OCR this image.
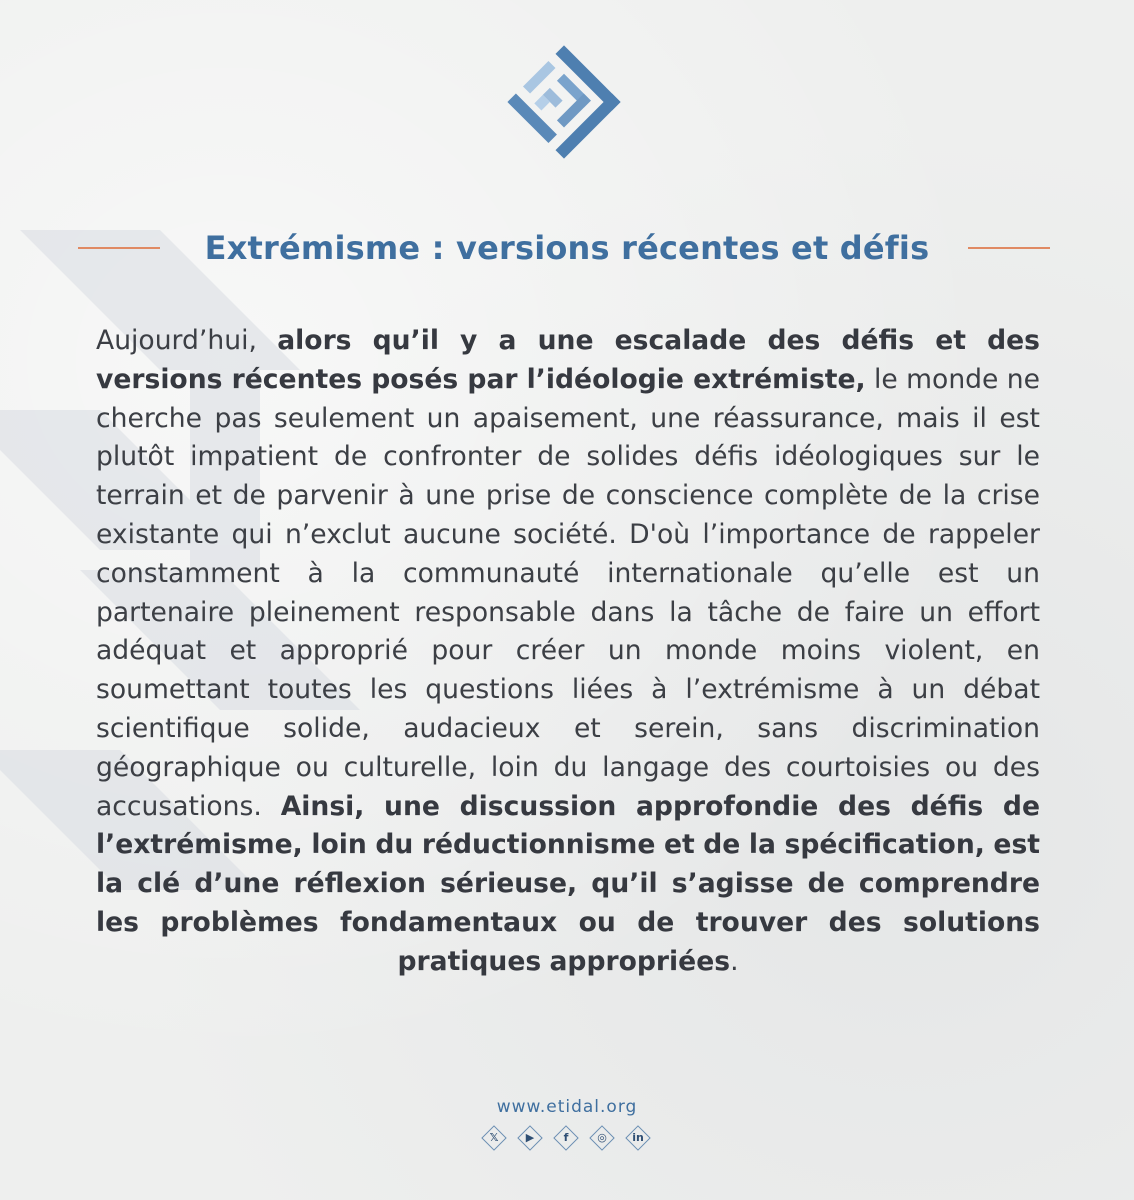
Extrémisme : versions récentes et défis
Aujourd’hui, alors qu’il y a une escalade des défis et des versions récentes posés par l’idéologie extrémiste, le monde ne cherche pas seulement un apaisement, une réassurance, mais il est plutôt impatient de confronter de solides défis idéologiques sur le terrain et de parvenir à une prise de conscience complète de la crise existante qui n’exclut aucune société. D'où l’importance de rappeler constamment à la communauté internationale qu’elle est un partenaire pleinement responsable dans la tâche de faire un effort adéquat et approprié pour créer un monde moins violent, en soumettant toutes les questions liées à l’extrémisme à un débat scientifique solide, audacieux et serein, sans discrimination géographique ou culturelle, loin du langage des courtoisies ou des accusations. Ainsi, une discussion approfondie des défis de l’extrémisme, loin du réductionnisme et de la spécification, est la clé d’une réflexion sérieuse, qu’il s’agisse de comprendre les problèmes fondamentaux ou de trouver des solutions pratiques appropriées.
www.etidal.org
𝕏	▶	f	◎	in
